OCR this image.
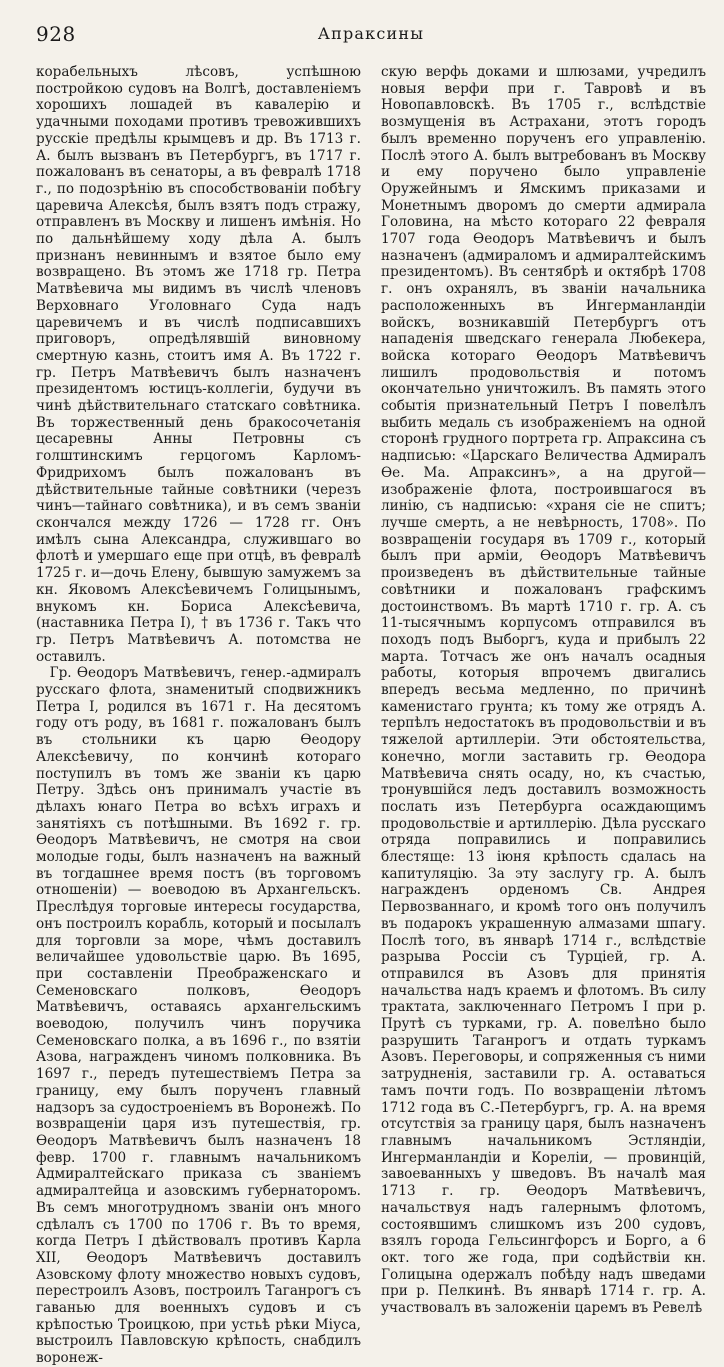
928	Апраксины

корабельныхъ лѣсовъ, успѣшною постройкою судовъ на Волгѣ, доставленіемъ хорошихъ лошадей въ кавалерію и удачными походами противъ тревожившихъ русскіе предѣлы крымцевъ и др. Въ 1713 г. А. былъ вызванъ въ Петербургъ, въ 1717 г. пожалованъ въ сенаторы, а въ февралѣ 1718 г., по подозрѣнію въ способствованіи побѣгу царевича Алексѣя, былъ взятъ подъ стражу, отправленъ въ Москву и лишенъ имѣнія. Но по дальнѣйшему ходу дѣла А. былъ признанъ невиннымъ и взятое было ему возвращено. Въ этомъ же 1718 гр. Петра Матвѣевича мы видимъ въ числѣ членовъ Верховнаго Уголовнаго Суда надъ царевичемъ и въ числѣ подписавшихъ приговоръ, опредѣлявшій виновному смертную казнь, стоитъ имя А. Въ 1722 г. гр. Петръ Матвѣевичъ былъ назначенъ президентомъ юстицъ-коллегіи, будучи въ чинѣ дѣйствительнаго статскаго совѣтника. Въ торжественный день бракосочетанія цесаревны Анны Петровны съ голштинскимъ герцогомъ Карломъ-Фридрихомъ былъ пожалованъ въ дѣйствительные тайные совѣтники (черезъ чинъ—тайнаго совѣтника), и въ семъ званіи скончался между 1726 — 1728 гг. Онъ имѣлъ сына Александра, служившаго во флотѣ и умершаго еще при отцѣ, въ февралѣ 1725 г. и—дочь Елену, бывшую замужемъ за кн. Яковомъ Алексѣевичемъ Голицынымъ, внукомъ кн. Бориса Алексѣевича, (наставника Петра I), † въ 1736 г. Такъ что гр. Петръ Матвѣевичъ А. потомства не оставилъ.

Гр. Ѳеодоръ Матвѣевичъ, генер.-адмиралъ русскаго флота, знаменитый сподвижникъ Петра I, родился въ 1671 г. На десятомъ году отъ роду, въ 1681 г. пожалованъ былъ въ стольники къ царю Ѳеодору Алексѣевичу, по кончинѣ котораго поступилъ въ томъ же званіи къ царю Петру. Здѣсь онъ принималъ участіе въ дѣлахъ юнаго Петра во всѣхъ играхъ и занятіяхъ съ потѣшными. Въ 1692 г. гр. Ѳеодоръ Матвѣевичъ, не смотря на свои молодые годы, былъ назначенъ на важный въ тогдашнее время постъ (въ торговомъ отношеніи) — воеводою въ Архангельскъ. Преслѣдуя торговые интересы государства, онъ построилъ корабль, который и посылалъ для торговли за море, чѣмъ доставилъ величайшее удовольствіе царю. Въ 1695, при составленіи Преображенскаго и Семеновскаго полковъ, Ѳеодоръ Матвѣевичъ, оставаясь архангельскимъ воеводою, получилъ чинъ поручика Семеновскаго полка, а въ 1696 г., по взятіи Азова, награжденъ чиномъ полковника. Въ 1697 г., передъ путешествіемъ Петра за границу, ему былъ порученъ главный надзоръ за судостроеніемъ въ Воронежѣ. По возвращеніи царя изъ путешествія, гр. Ѳеодоръ Матвѣевичъ былъ назначенъ 18 февр. 1700 г. главнымъ начальникомъ Адмиралтейскаго приказа съ званіемъ адмиралтейца и азовскимъ губернаторомъ. Въ семъ многотрудномъ званіи онъ много сдѣлалъ съ 1700 по 1706 г. Въ то время, когда Петръ I дѣйствовалъ противъ Карла XII, Ѳеодоръ Матвѣевичъ доставилъ Азовскому флоту множество новыхъ судовъ, перестроилъ Азовъ, построилъ Таганрогъ съ гаванью для военныхъ судовъ и съ крѣпостью Троицкою, при устьѣ рѣки Міуса, выстроилъ Павловскую крѣпость, снабдилъ воронеж-

скую верфь доками и шлюзами, учредилъ новыя верфи при г. Тавровѣ и въ Новопавловскѣ. Въ 1705 г., вслѣдствіе возмущенія въ Астрахани, этотъ городъ былъ временно порученъ его управленію. Послѣ этого А. былъ вытребованъ въ Москву и ему поручено было управленіе Оружейнымъ и Ямскимъ приказами и Монетнымъ дворомъ до смерти адмирала Головина, на мѣсто котораго 22 февраля 1707 года Ѳеодоръ Матвѣевичъ и былъ назначенъ (адмираломъ и адмиралтейскимъ президентомъ). Въ сентябрѣ и октябрѣ 1708 г. онъ охранялъ, въ званіи начальника расположенныхъ въ Ингерманландіи войскъ, возникавшій Петербургъ отъ нападенія шведскаго генерала Любекера, войска котораго Ѳеодоръ Матвѣевичъ лишилъ продовольствія и потомъ окончательно уничтожилъ. Въ память этого событія признательный Петръ I повелѣлъ выбить медаль съ изображеніемъ на одной сторонѣ грудного портрета гр. Апраксина съ надписью: «Царскаго Величества Адмиралъ Ѳе. Ма. Апраксинъ», а на другой—изображеніе флота, построившагося въ линію, съ надписью: «храня сіе не спитъ; лучше смерть, а не невѣрность, 1708». По возвращеніи государя въ 1709 г., который былъ при арміи, Ѳеодоръ Матвѣевичъ произведенъ въ дѣйствительные тайные совѣтники и пожалованъ графскимъ достоинствомъ. Въ мартѣ 1710 г. гр. А. съ 11-тысячнымъ корпусомъ отправился въ походъ подъ Выборгъ, куда и прибылъ 22 марта. Тотчасъ же онъ началъ осадныя работы, которыя впрочемъ двигались впередъ весьма медленно, по причинѣ каменистаго грунта; къ тому же отрядъ А. терпѣлъ недостатокъ въ продовольствіи и въ тяжелой артиллеріи. Эти обстоятельства, конечно, могли заставить гр. Ѳеодора Матвѣевича снять осаду, но, къ счастью, тронувшійся ледъ доставилъ возможность послать изъ Петербурга осаждающимъ продовольствіе и артиллерію. Дѣла русскаго отряда поправились и поправились блестяще: 13 іюня крѣпость сдалась на капитуляцію. За эту заслугу гр. А. былъ награжденъ орденомъ Св. Андрея Первозваннаго, и кромѣ того онъ получилъ въ подарокъ украшенную алмазами шпагу. Послѣ того, въ январѣ 1714 г., вслѣдствіе разрыва Россіи съ Турціей, гр. А. отправился въ Азовъ для принятія начальства надъ краемъ и флотомъ. Въ силу трактата, заключеннаго Петромъ I при р. Прутѣ съ турками, гр. А. повелѣно было разрушить Таганрогъ и отдать туркамъ Азовъ. Переговоры, и сопряженныя съ ними затрудненія, заставили гр. А. оставаться тамъ почти годъ. По возвращеніи лѣтомъ 1712 года въ С.-Петербургъ, гр. А. на время отсутствія за границу царя, былъ назначенъ главнымъ начальникомъ Эстляндіи, Ингерманландіи и Кореліи, — провинцій, завоеванныхъ у шведовъ. Въ началѣ мая 1713 г. гр. Ѳеодоръ Матвѣевичъ, начальствуя надъ галернымъ флотомъ, состоявшимъ слишкомъ изъ 200 судовъ, взялъ города Гельсингфорсъ и Борго, а 6 окт. того же года, при содѣйствіи кн. Голицына одержалъ побѣду надъ шведами при р. Пелкинѣ. Въ январѣ 1714 г. гр. А. участвовалъ въ заложеніи царемъ въ Ревелѣ
